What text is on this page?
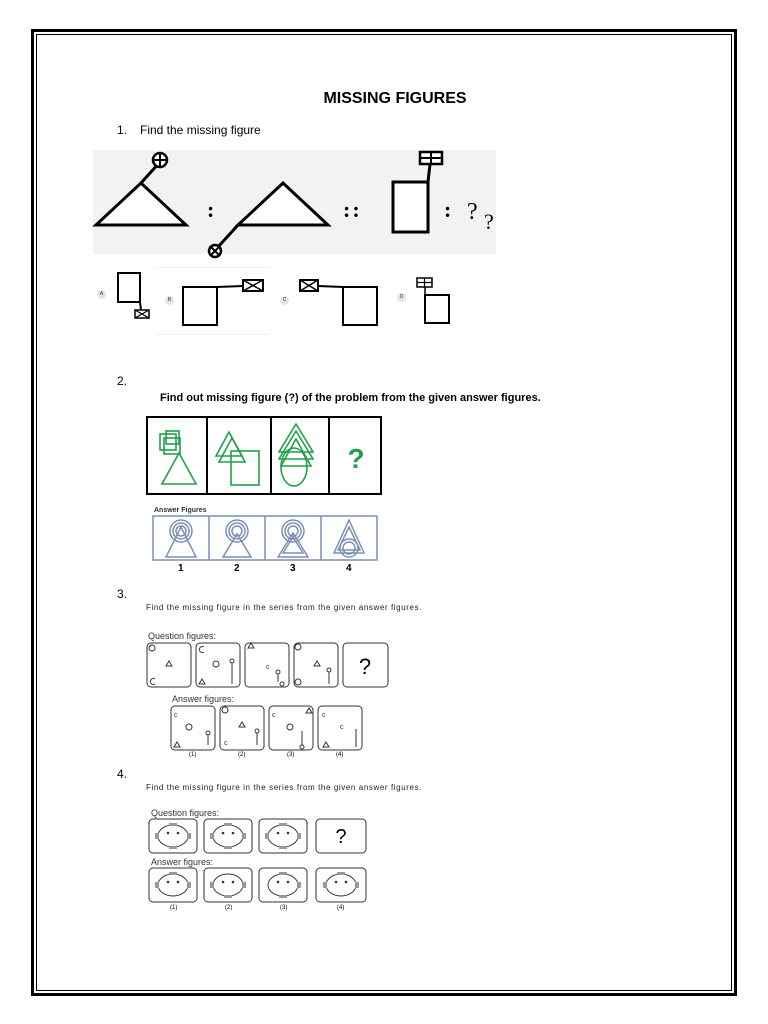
MISSING FIGURES
1. Find the missing figure
:	::	: ? ?
A
B	C	D
2.
Find out missing figure (?) of the problem from the given answer figures.
?
Answer Figures
1	2	3	4
3.
Find the missing figure in the series from the given answer figures.
Question figures:
c	?
Answer figures:
c
c
c	c
c
(1)	(2)	(3)	(4)
4.
Find the missing figure in the series from the given answer figures.
Question figures:
?
Answer figures:
(1)	(2)	(3)	(4)
